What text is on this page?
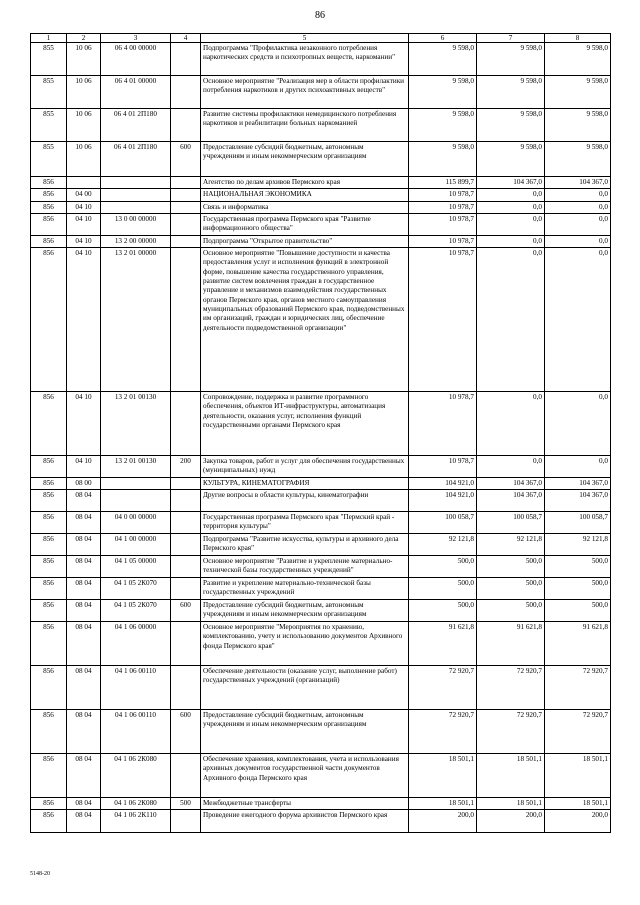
86
1	2	3	4	5	6	7	8
855	10 06	06 4 00 00000		Подпрограмма "Профилактика незаконного потребления наркотических средств и психотропных веществ, наркомании"	9 598,0	9 598,0	9 598,0
855	10 06	06 4 01 00000		Основное мероприятие "Реализация мер в области профилактики потребления наркотиков и других психоактивных веществ"	9 598,0	9 598,0	9 598,0
855	10 06	06 4 01 2П180		Развитие системы профилактики немедицинского потребления наркотиков и реабилитации больных наркоманией	9 598,0	9 598,0	9 598,0
855	10 06	06 4 01 2П180	600	Предоставление субсидий бюджетным, автономным учреждениям и иным некоммерческим организациям	9 598,0	9 598,0	9 598,0
856				Агентство по делам архивов Пермского края	115 899,7	104 367,0	104 367,0
856	04 00			НАЦИОНАЛЬНАЯ ЭКОНОМИКА	10 978,7	0,0	0,0
856	04 10			Связь и информатика	10 978,7	0,0	0,0
856	04 10	13 0 00 00000		Государственная программа Пермского края "Развитие информационного общества"	10 978,7	0,0	0,0
856	04 10	13 2 00 00000		Подпрограмма "Открытое правительство"	10 978,7	0,0	0,0
856	04 10	13 2 01 00000		Основное мероприятие "Повышение доступности и качества предоставления услуг и исполнения функций в электронной форме, повышение качества государственного управления, развитие систем вовлечения граждан в государственное управление и механизмов взаимодействия государственных органов Пермского края, органов местного самоуправления муниципальных образований Пермского края, подведомственных им организаций, граждан и юридических лиц, обеспечение деятельности подведомственной организации"	10 978,7	0,0	0,0
856	04 10	13 2 01 00130		Сопровождение, поддержка и развитие программного обеспечения, объектов ИТ-инфраструктуры, автоматизация деятельности, оказания услуг, исполнения функций государственными органами Пермского края	10 978,7	0,0	0,0
856	04 10	13 2 01 00130	200	Закупка товаров, работ и услуг для обеспечения государственных (муниципальных) нужд	10 978,7	0,0	0,0
856	08 00			КУЛЬТУРА, КИНЕМАТОГРАФИЯ	104 921,0	104 367,0	104 367,0
856	08 04			Другие вопросы в области культуры, кинематографии	104 921,0	104 367,0	104 367,0
856	08 04	04 0 00 00000		Государственная программа Пермского края "Пермский край - территория культуры"	100 058,7	100 058,7	100 058,7
856	08 04	04 1 00 00000		Подпрограмма "Развитие искусства, культуры и архивного дела Пермского края"	92 121,8	92 121,8	92 121,8
856	08 04	04 1 05 00000		Основное мероприятие "Развитие и укрепление материально-технической базы государственных учреждений"	500,0	500,0	500,0
856	08 04	04 1 05 2К070		Развитие и укрепление материально-технической базы государственных учреждений	500,0	500,0	500,0
856	08 04	04 1 05 2К070	600	Предоставление субсидий бюджетным, автономным учреждениям и иным некоммерческим организациям	500,0	500,0	500,0
856	08 04	04 1 06 00000		Основное мероприятие "Мероприятия по хранению, комплектованию, учету и использованию документов Архивного фонда Пермского края"	91 621,8	91 621,8	91 621,8
856	08 04	04 1 06 00110		Обеспечение деятельности (оказание услуг, выполнение работ) государственных учреждений (организаций)	72 920,7	72 920,7	72 920,7
856	08 04	04 1 06 00110	600	Предоставление субсидий бюджетным, автономным учреждениям и иным некоммерческим организациям	72 920,7	72 920,7	72 920,7
856	08 04	04 1 06 2К080		Обеспечение хранения, комплектования, учета и использования архивных документов государственной части документов Архивного фонда Пермского края	18 501,1	18 501,1	18 501,1
856	08 04	04 1 06 2К080	500	Межбюджетные трансферты	18 501,1	18 501,1	18 501,1
856	08 04	04 1 06 2К110		Проведение ежегодного форума архивистов Пермского края	200,0	200,0	200,0
5148-20
